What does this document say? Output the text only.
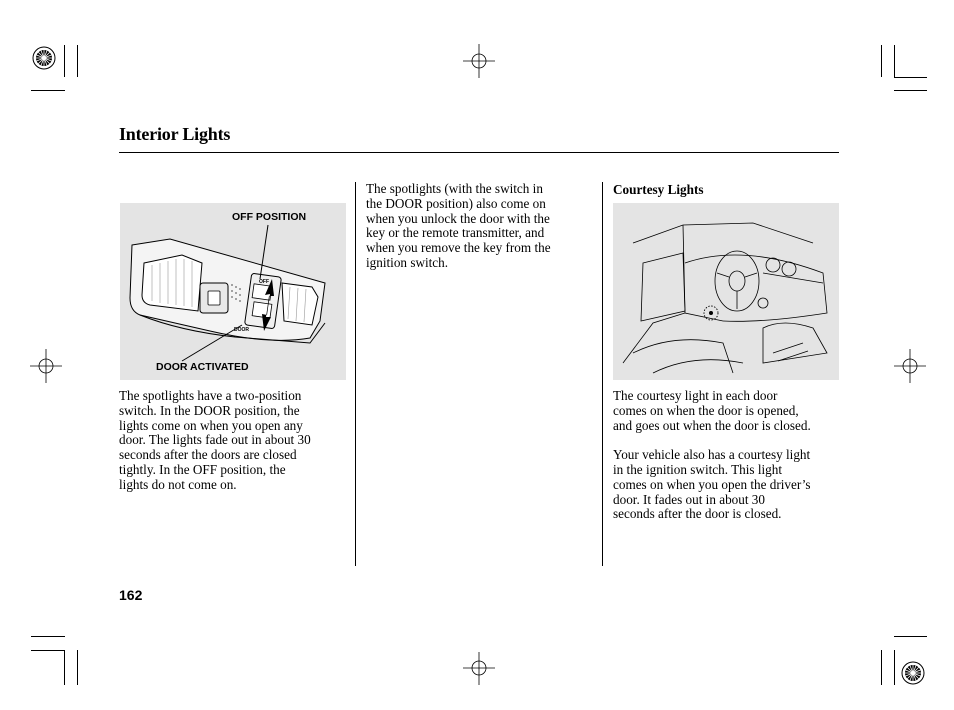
Interior Lights
OFF
DOOR
OFF POSITION
DOOR ACTIVATED

The spotlights have a two-position
switch. In the DOOR position, the
lights come on when you open any
door. The lights fade out in about 30
seconds after the doors are closed
tightly. In the OFF position, the
lights do not come on.

The spotlights (with the switch in
the DOOR position) also come on
when you unlock the door with the
key or the remote transmitter, and
when you remove the key from the
ignition switch.

Courtesy Lights

The courtesy light in each door
comes on when the door is opened,
and goes out when the door is closed.

Your vehicle also has a courtesy light
in the ignition switch. This light
comes on when you open the driver’s
door. It fades out in about 30
seconds after the door is closed.

162
